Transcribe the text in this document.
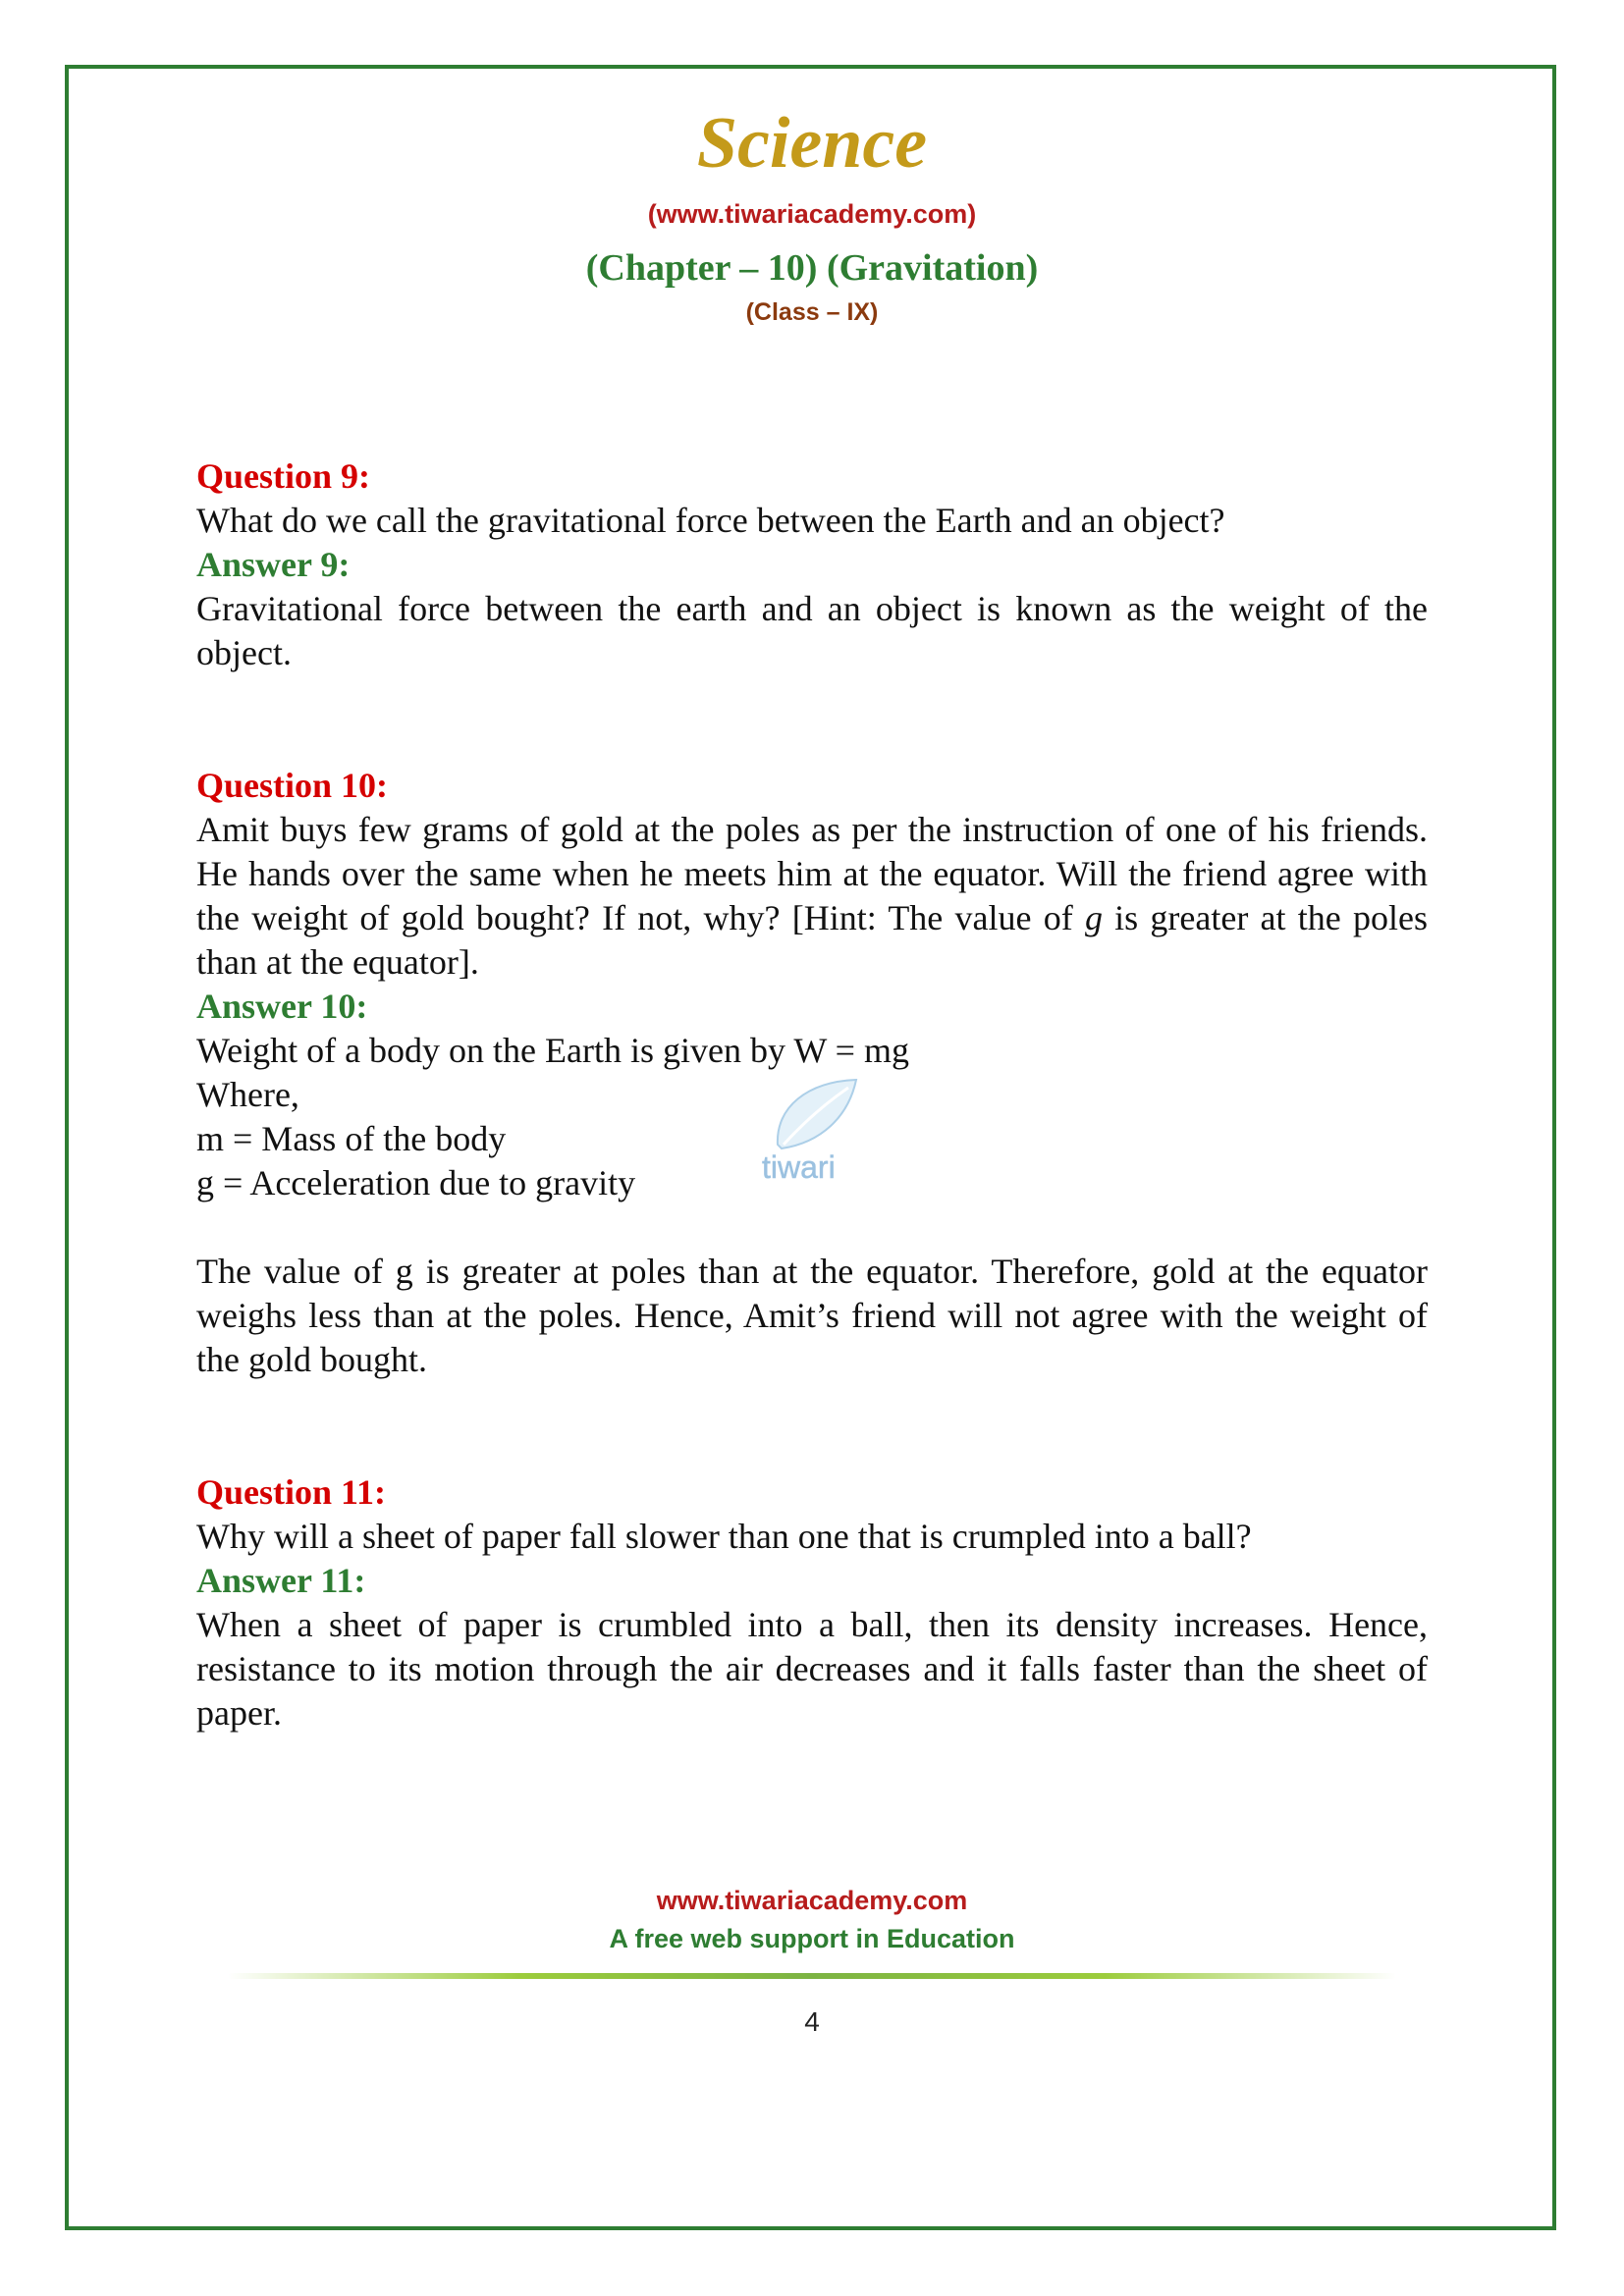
Science
(www.tiwariacademy.com)
(Chapter – 10) (Gravitation)
(Class – IX)
tiwari
Question 9:
What do we call the gravitational force between the Earth and an object?
Answer 9:
Gravitational force between the earth and an object is known as the weight of the object.
Question 10:
Amit buys few grams of gold at the poles as per the instruction of one of his friends. He hands over the same when he meets him at the equator. Will the friend agree with the weight of gold bought? If not, why? [Hint: The value of g is greater at the poles than at the equator].
Answer 10:
Weight of a body on the Earth is given by W = mg
Where,
m = Mass of the body
g = Acceleration due to gravity
The value of g is greater at poles than at the equator. Therefore, gold at the equator weighs less than at the poles. Hence, Amit’s friend will not agree with the weight of the gold bought.
Question 11:
Why will a sheet of paper fall slower than one that is crumpled into a ball?
Answer 11:
When a sheet of paper is crumbled into a ball, then its density increases. Hence, resistance to its motion through the air decreases and it falls faster than the sheet of paper.
www.tiwariacademy.com
A free web support in Education
4
